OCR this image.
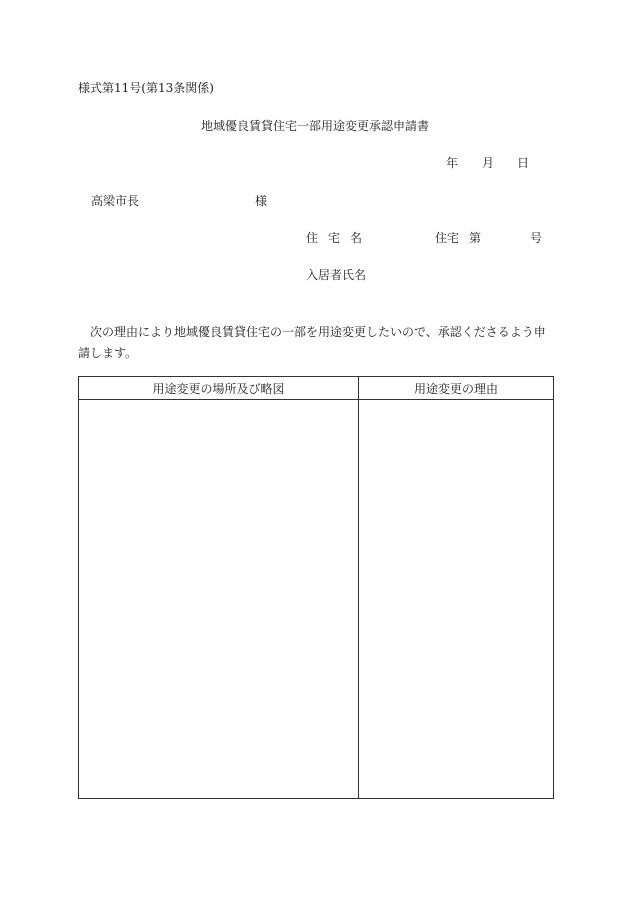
様式第11号(第13条関係)
地域優良賃貸住宅一部用途変更承認申請書
年 月 日
高梁市長	様
住宅名	住宅 第	号
入居者氏名
次の理由により地域優良賃貸住宅の一部を用途変更したいので、承認くださるよう申請します。
用途変更の場所及び略図	用途変更の理由
